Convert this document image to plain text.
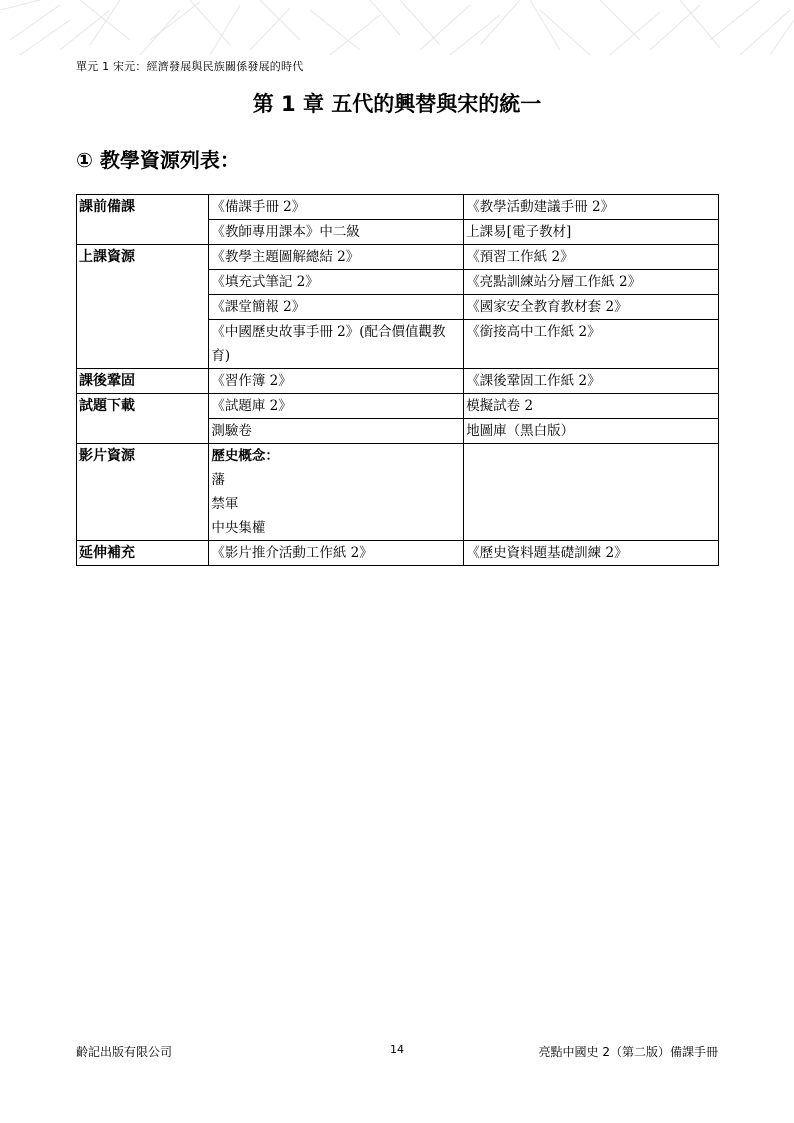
單元 1 宋元：經濟發展與民族關係發展的時代
第 1 章 五代的興替與宋的統一
① 教學資源列表：
課前備課	《備課手冊 2》	《教學活動建議手冊 2》
	《教師專用課本》中二級	上課易[電子教材]
上課資源	《教學主題圖解總結 2》	《預習工作紙 2》
	《填充式筆記 2》	《亮點訓練站分層工作紙 2》
	《課堂簡報 2》	《國家安全教育教材套 2》
	《中國歷史故事手冊 2》(配合價值觀教育)	《銜接高中工作紙 2》
課後鞏固	《習作簿 2》	《課後鞏固工作紙 2》
試題下載	《試題庫 2》	模擬試卷 2
	測驗卷	地圖庫（黑白版）
影片資源	歷史概念：
藩
禁軍
中央集權	

延伸補充	《影片推介活動工作紙 2》	《歷史資料題基礎訓練 2》
齡記出版有限公司	14	亮點中國史 2（第二版）備課手冊
